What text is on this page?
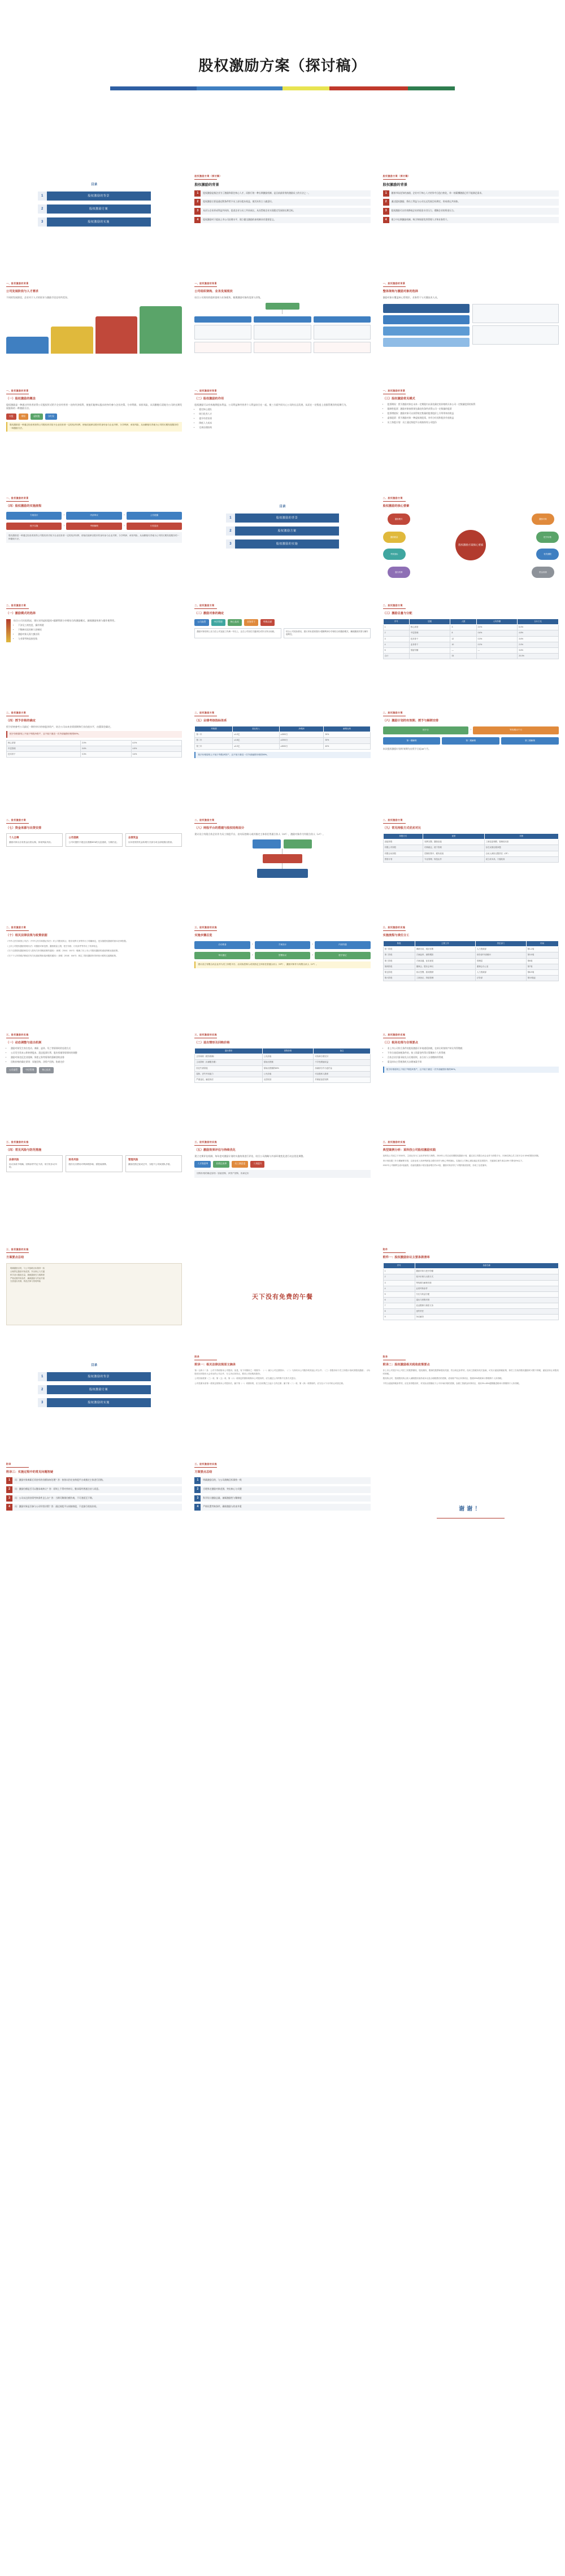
股权激励方案（探讨稿）
目录
1	股权激励的背景
2	股权激励方案
3	股权激励的实施
股权激励方案（探讨稿）
股权激励的背景
1	股权激励是指企业为了激励和留住核心人才，而推行的一种长期激励机制，是目前最常用的激励员工的方法之一。
2	股权激励主要是通过附条件给予员工部分股东权益，使其具有主人翁意识。
3	从而与企业形成利益共同体，促进企业与员工共同成长，从而帮助企业实现稳定发展的长期目标。
4	股权激励对于提高上市公司治理水平、建立健全激励约束机制具有重要意义。
股权激励方案（探讨稿）
股权激励的背景
1	随着市场竞争的加剧，企业对于核心人才的争夺日趋白热化，单一的薪酬激励已经不能满足需求。
2	通过股权激励，将员工利益与公司长远发展目标绑定，形成命运共同体。
3	股权激励可以有效降低企业的现金支付压力，缓解企业的资金压力。
4	建立中长期激励机制，吸引和保留优秀管理人才和业务骨干。
一、股权激励的背景
公司发展阶段与人才需求

不同的发展阶段，企业对于人才的诉求与激励手段也有所差异。

一、股权激励的背景
公司组织架构、业务发展现状

结合公司现有的组织架构与业务板块，梳理激励对象的范围与层级。

一、股权激励的背景
整体架构与激励对象的选择

激励对象应覆盖核心管理层、业务骨干与关键技术人员。

一、股权激励的背景
（一）股权激励的概念

股权激励是一种通过经营者获得公司股权形式给予企业经营者一定的经济权利，使他们能够以股东的身份参与企业决策、分享利润、承担风险，从而勤勉尽责地为公司的长期发展服务的一种激励方法。

实股	期权	虚拟股	分红权
股权激励是一种通过经营者获得公司股权形式给予企业经营者一定的经济权利，使他们能够以股东的身份参与企业决策、分享利润、承担风险，从而勤勉尽责地为公司的长期发展服务的一种激励方法。
一、股权激励的背景
（二）股权激励的作用

股权激励可以有效地将股东利益、公司利益和经营者个人利益结合在一起，使三方面共同关心公司的长远发展，从而在一定程度上克服管理层的短期行为。

• 稳定核心团队
• 吸引优秀人才
• 提升经营业绩
• 降低人力成本
• 完善治理结构
一、股权激励的背景
（三）股权激励常见模式
• 股票期权：授予激励对象在未来一定期限内以预先确定的价格购买本公司一定数量股票的权利
• 限制性股票：激励对象按照预先确定的条件获得公司一定数量的股票
• 股票增值权：激励对象可以获得规定数量的股票股价上升所带来的收益
• 虚拟股票：授予激励对象一种虚拟的股票，享有分红权和股价升值收益
• 员工持股计划：员工通过持股平台间接持有公司股份
一、股权激励的背景
（四）股权激励的实施流程
方案设计	›	内部审议	›	公告披露
授予实施	›	考核解锁	›	行权退出
股权激励是一种通过经营者获得公司股权形式给予企业经营者一定的经济权利，使他们能够以股东的身份参与企业决策、分享利润、承担风险，从而勤勉尽责地为公司的长期发展服务的一种激励方法。
目录
1	股权激励的背景
2	股权激励方案
3	股权激励的实施
二、股权激励方案
股权激励的核心要素
股权激励方案核心要素
激励模式	激励对象
激励数量	授予价格
考核指标	有效期限
退出机制	资金来源
二、股权激励方案
（一）激励模式的选择

结合公司实际情况，建议采用虚拟股权+超额利润分享相结合的激励模式，兼顾激励效果与操作便利性。

• 不涉及工商变更，操作简便
• 不稀释实际控制人控制权
• 激励对象无需大额出资
• 与业绩考核直接挂钩
二、股权激励方案
（二）激励对象的确定
公司高管	中层管理	核心技术	业务骨干	特殊贡献
激励对象原则上应当在公司连续工作满一年以上，且在公司担任关键岗位或作出突出贡献。	结合公司实际情况，建议采用虚拟股权+超额利润分享相结合的激励模式，兼顾激励效果与操作便利性。
二、股权激励方案
（三）激励总量与分配
序号	层级	人数	人均份额	合计占比
1	核心高管	3	2.0%	6.0%
2	中层管理	8	0.6%	4.8%
3	技术骨干	12	0.3%	3.6%
4	业务骨干	10	0.2%	2.0%
5	预留份额	—	—	3.6%
合计		33		20.0%
二、股权激励方案
（四）授予价格的确定

授予价格参考公司最近一期经审计的每股净资产，结合公司未来业绩预期和行业估值水平，由董事会确定。

授予价格原则上不低于每股净资产，且不低于最近一次外部融资价格的50%。
核心高管	2.0%	6.0%
中层管理	0.6%	4.8%
技术骨干	0.3%	3.6%
二、股权激励方案
（五）业绩考核指标体系
考核期	营业收入	净利润	解锁比例
第一年	≥1.2亿	≥1500万	30%
第二年	≥1.6亿	≥2200万	30%
第三年	≥2.2亿	≥3000万	40%
授予价格原则上不低于每股净资产，且不低于最近一次外部融资价格的50%。
二、股权激励方案
（六）激励计划的有效期、授予与解锁安排
授予日	›	等待期12个月
第一期解锁	第二期解锁	第三期解锁

本次股权激励计划有效期为自授予日起48个月。

二、股权激励方案
（七）资金来源与出资安排
个人自筹
激励对象以自有资金出资认购，体现风险共担。
公司借款
公司可提供不超过出资额50%的无息借款，分期归还。
业绩奖金
以年度绩效奖金转增方式部分或全部抵缴出资款。
二、股权激励方案
（八）持股平台的搭建与股权结构设计

建议设立有限合伙企业作为员工持股平台，由实际控制人或其指定主体担任普通合伙人（GP），激励对象作为有限合伙人（LP）。

二、股权激励方案
（九）常见持股方式优劣对比
持股方式	优势	劣势
直接持股	权利完整、激励直接	工商变更频繁、管理成本高
有限公司持股	结构稳定、便于管理	存在双重征税问题
有限合伙持股	控制权集中、税负较低	合伙人承担无限责任（GP）
资管计划	专业管理、规范运作	设立成本高、门槛较高
二、股权激励方案
（十）相关法律法规与政策依据
《中华人民共和国公司法》《中华人民共和国证券法》对公司股权转让、股东权利义务等作出了明确规定，是实施股权激励的基本法律依据。
《上市公司股权激励管理办法》对激励对象范围、激励数量上限、授予价格、行权条件等作出了具体规定。
《关于完善股权激励和技术入股有关所得税政策的通知》（财税〔2016〕101号）明确了非上市公司股权激励的递延纳税优惠政策。
《关于个人所得税法修改后有关优惠政策衔接问题的通知》（财税〔2018〕164号）规定了股权激励所得单独计税的过渡期政策。
三、股权激励的实施
实施步骤总览
启动准备	›	方案设计	›	内部沟通
审议通过	›	签署协议	›	授予登记
建议设立有限合伙企业作为员工持股平台，由实际控制人或其指定主体担任普通合伙人（GP），激励对象作为有限合伙人（LP）。
三、股权激励的实施
实施流程与责任分工
阶段	主要工作	责任部门	时间
第一阶段	调研访谈、现状诊断	人力资源部	第1-2周
第二阶段	方案起草、测算模拟	财务部/外部顾问	第3-5周
第三阶段	方案沟通、征求意见	管理层	第6周
第四阶段	董事会、股东会审议	董事会办公室	第7周
第五阶段	协议签署、款项缴纳	人力资源部	第8-9周
第六阶段	工商登记、持续管理	法务部	第10周起
三、股权激励的实施
（一）动态调整与退出机制
• 激励对象发生岗位变动、离职、退休、死亡等情形时的处理方式
• 公司发生资本公积转增股本、派送股票红利、股份拆细等情形时的调整
• 激励对象违反竞业限制、保密义务等情形的强制回购安排
• 回购价格的确定原则：原值回购、净资产回购、协商定价
公司高管	中层管理	核心技术
三、股权激励的实施
（二）退出情形及回购价格
退出情形	回购价格	备注
正常离职（服务期满）	公允价值	可协商分期支付
主动辞职（未满服务期）	原始出资额	不享受增值收益
因过失被辞退	原始出资额的80%	扣减部分作为违约金
退休、丧失劳动能力	公允价值	可由继承人继承
严重违纪、触犯刑法	无偿收回	并保留追偿权利
三、股权激励的实施
（三）税务处理与合规要点
• 非上市公司符合条件的股权激励可申请递延纳税，在转让时按财产转让所得缴税
• 不符合递延纳税条件的，按工资薪金所得计算缴纳个人所得税
• 合伙企业层面采取先分后税原则，由合伙人分别缴纳所得税
• 需及时向主管税务机关办理备案手续
授予价格原则上不低于每股净资产，且不低于最近一次外部融资价格的50%。
三、股权激励的实施
（四）常见风险与防范措施
法律风险
协议条款不明确，回购条件约定不清，易引发争议纠纷。
财务风险
股份支付费用对利润的影响，需提前测算。
管理风险
激励范围过宽或过窄，分配不公导致团队矛盾。
三、股权激励的实施
（五）激励效果评估与持续优化

建立定期评估机制，每年度对激励计划的实施效果进行评估，结合公司战略与外部环境变化进行动态优化调整。

人才保留率	业绩达成率	员工满意度	人效提升
回购价格的确定原则：原值回购、净资产回购、协商定价
三、股权激励的实施
典型案例分析：某科技公司股权激励实践
某科技公司成立于2015年，主营业务为工业软件研发与销售。2019年公司启动首期股权激励计划，通过设立有限合伙企业作为持股平台，向38名核心员工授予合计15%的股权份额。
该计划设置三年分期解锁安排，以营业收入和净利润复合增长率作为核心考核指标。实施后公司核心团队稳定性显著提升，关键岗位流失率由18%下降至5%以下。
2022年公司顺利完成C轮融资，估值较激励计划实施前增长约4.2倍，激励对象获得了可观的账面回报，形成了良性循环。
三、股权激励的实施
方案要点总结
明确激励目的，与公司战略目标保持一致
合理界定激励对象范围，突出核心与关键
科学设计激励总量，兼顾激励性与稀释度
严格设置考核条件，确保激励与约束并重
完善退出机制，防范法律与管理风险
天下没有免费的午餐
附件
附件一：股权激励协议主要条款清单
序号	条款名称
1	激励对象与授予份额
2	授予价格与出资方式
3	等待期与解锁安排
4	业绩考核条件
5	分红与收益分配
6	退出与回购安排
7	竞业限制与保密义务
8	违约责任
9	争议解决
目录
1	股权激励的背景
2	股权激励方案
3	股权激励的实施
附录
附录一：相关法律法规原文摘录
第一百四十二条　公司不得收购本公司股份。但是，有下列情形之一的除外：（一）减少公司注册资本；（二）与持有本公司股份的其他公司合并；（三）将股份用于员工持股计划或者股权激励；（四）股东因对股东大会作出的公司合并、分立决议持异议，要求公司收购其股份。
公司因前款第（三）项、第（五）项、第（六）项规定的情形收购本公司股份的，应当通过公开的集中交易方式进行。
公司依照本条第一款规定收购本公司股份后，属于第（一）项情形的，应当自收购之日起十日内注销；属于第（二）项、第（四）项情形的，应当在六个月内转让或者注销。
附录
附录二：股权激励相关税收政策要点
非上市公司授予本公司员工的股票期权、股权期权、限制性股票和股权奖励，符合规定条件的，经向主管税务机关备案，可实行递延纳税政策，即员工在取得股权激励时可暂不纳税，递延至转让该股权时纳税。
股权转让时，按照股权转让收入减除股权取得成本以及合理税费后的差额，适用财产转让所得项目，按照20%的税率计算缴纳个人所得税。
不符合递延纳税条件的，应在获得股权时，对实际出资额低于公平市场价格的差额，参照工资薪金所得项目，适用3%-45%超额累进税率计算缴纳个人所得税。
附录
附录三：实施过程中的常见问题答疑
1	问：激励对象离职后其持有的份额如何处理？答：按协议约定由持股平台或指定主体进行回购。
2	问：激励份额是否可以继承或转让？答：原则上不得对外转让，继承需经普通合伙人同意。
3	问：公司未达到业绩考核条件怎么办？答：当期可解锁份额作废，不可递延至下期。
4	问：激励对象是否参与公司经营决策？答：通过持股平台间接持股，不直接行使表决权。
三、股权激励的实施
方案要点总结
1	明确激励目的，与公司战略目标保持一致
2	合理界定激励对象范围，突出核心与关键
3	科学设计激励总量，兼顾激励性与稀释度
4	严格设置考核条件，确保激励与约束并重	谢谢！
